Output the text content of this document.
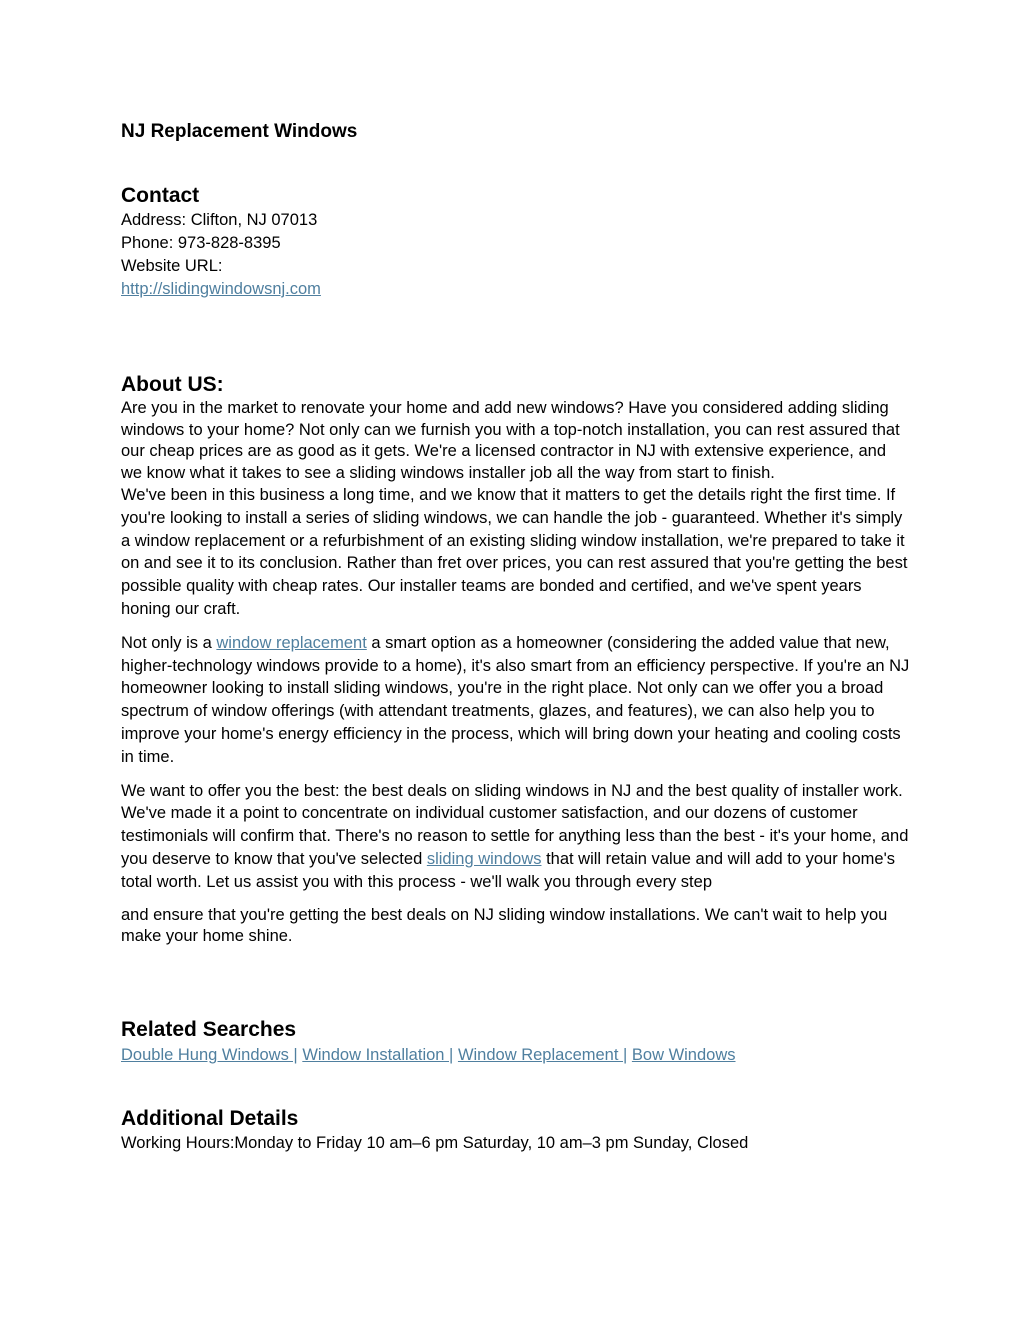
NJ Replacement Windows
Contact

Address: Clifton, NJ 07013

Phone: 973-828-8395

Website URL:

http://slidingwindowsnj.com

About US:

Are you in the market to renovate your home and add new windows? Have you considered adding sliding windows to your home? Not only can we furnish you with a top-notch installation, you can rest assured that our cheap prices are as good as it gets. We're a licensed contractor in NJ with extensive experience, and we know what it takes to see a sliding windows installer job all the way from start to finish.

We've been in this business a long time, and we know that it matters to get the details right the first time. If you're looking to install a series of sliding windows, we can handle the job - guaranteed. Whether it's simply a window replacement or a refurbishment of an existing sliding window installation, we're prepared to take it on and see it to its conclusion. Rather than fret over prices, you can rest assured that you're getting the best possible quality with cheap rates. Our installer teams are bonded and certified, and we've spent years honing our craft.

Not only is a window replacement a smart option as a homeowner (considering the added value that new, higher-technology windows provide to a home), it's also smart from an efficiency perspective. If you're an NJ homeowner looking to install sliding windows, you're in the right place. Not only can we offer you a broad spectrum of window offerings (with attendant treatments, glazes, and features), we can also help you to improve your home's energy efficiency in the process, which will bring down your heating and cooling costs in time.

We want to offer you the best: the best deals on sliding windows in NJ and the best quality of installer work. We've made it a point to concentrate on individual customer satisfaction, and our dozens of customer testimonials will confirm that. There's no reason to settle for anything less than the best - it's your home, and you deserve to know that you've selected sliding windows that will retain value and will add to your home's total worth. Let us assist you with this process - we'll walk you through every step

and ensure that you're getting the best deals on NJ sliding window installations. We can't wait to help you make your home shine.

Related Searches
Double Hung Windows | Window Installation | Window Replacement | Bow Windows
Additional Details

Working Hours:Monday to Friday 10 am–6 pm Saturday, 10 am–3 pm Sunday, Closed
